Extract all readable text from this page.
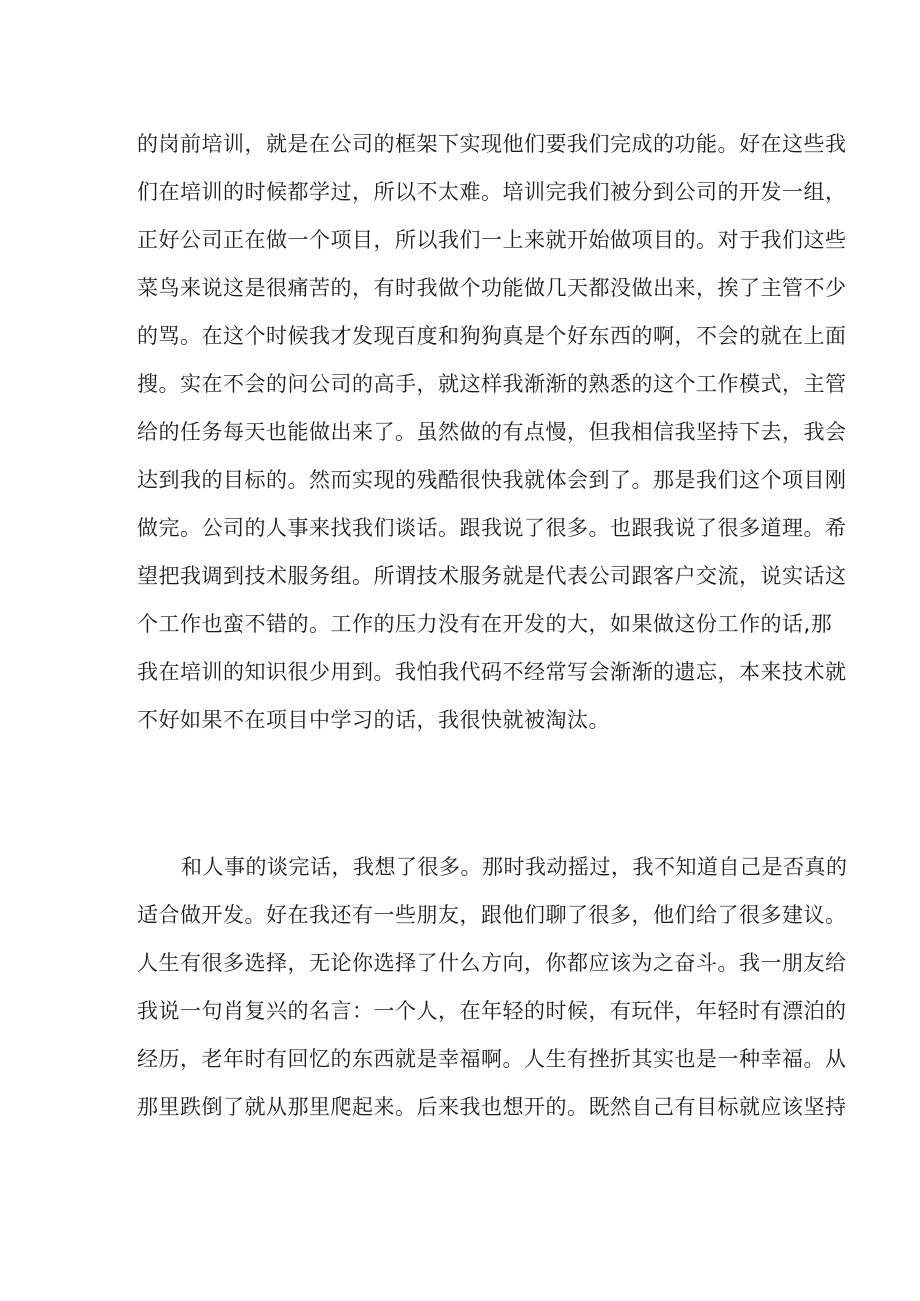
的岗前培训，就是在公司的框架下实现他们要我们完成的功能。好在这些我
们在培训的时候都学过，所以不太难。培训完我们被分到公司的开发一组，
正好公司正在做一个项目，所以我们一上来就开始做项目的。对于我们这些
菜鸟来说这是很痛苦的，有时我做个功能做几天都没做出来，挨了主管不少
的骂。在这个时候我才发现百度和狗狗真是个好东西的啊，不会的就在上面
搜。实在不会的问公司的高手，就这样我渐渐的熟悉的这个工作模式，主管
给的任务每天也能做出来了。虽然做的有点慢，但我相信我坚持下去，我会
达到我的目标的。然而实现的残酷很快我就体会到了。那是我们这个项目刚
做完。公司的人事来找我们谈话。跟我说了很多。也跟我说了很多道理。希
望把我调到技术服务组。所谓技术服务就是代表公司跟客户交流，说实话这
个工作也蛮不错的。工作的压力没有在开发的大，如果做这份工作的话,那
我在培训的知识很少用到。我怕我代码不经常写会渐渐的遗忘，本来技术就
不好如果不在项目中学习的话，我很快就被淘汰。
和人事的谈完话，我想了很多。那时我动摇过，我不知道自己是否真的
适合做开发。好在我还有一些朋友，跟他们聊了很多，他们给了很多建议。
人生有很多选择，无论你选择了什么方向，你都应该为之奋斗。我一朋友给
我说一句肖复兴的名言：一个人，在年轻的时候，有玩伴，年轻时有漂泊的
经历，老年时有回忆的东西就是幸福啊。人生有挫折其实也是一种幸福。从
那里跌倒了就从那里爬起来。后来我也想开的。既然自己有目标就应该坚持
